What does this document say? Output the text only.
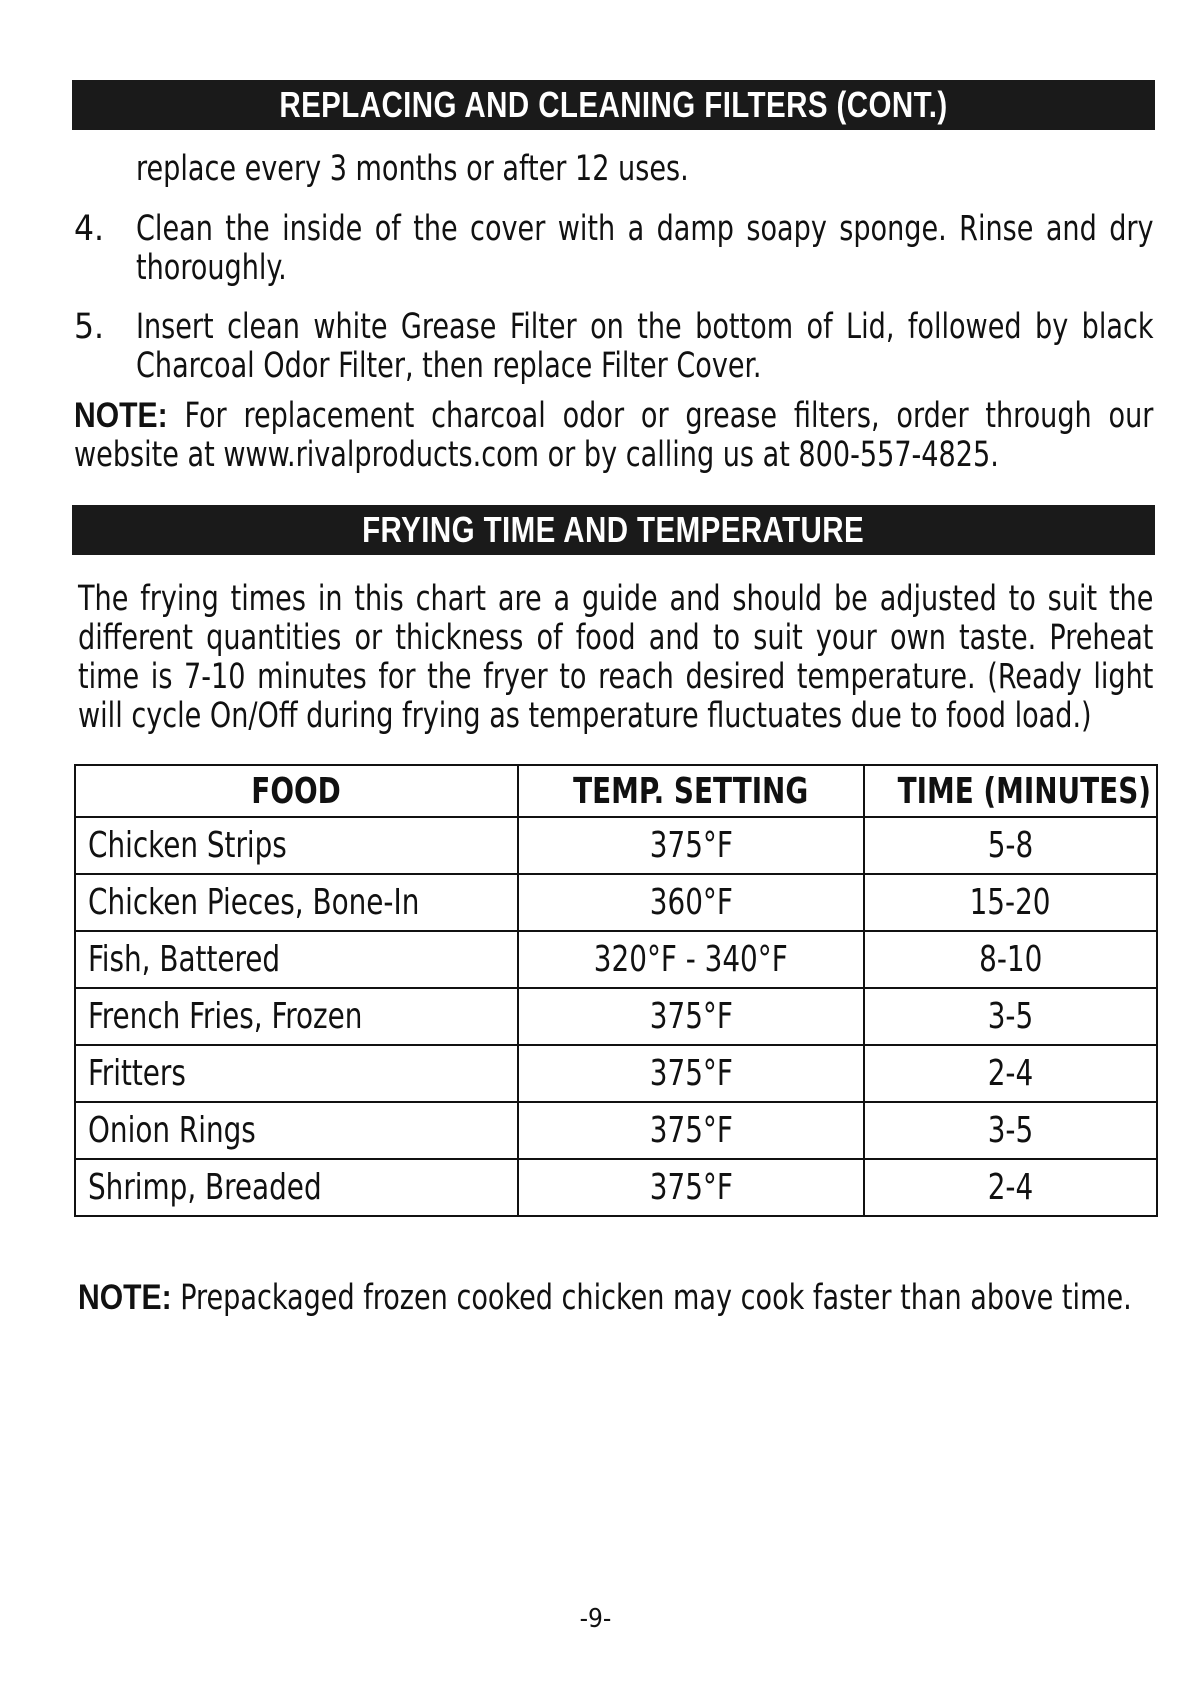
REPLACING AND CLEANING FILTERS (CONT.)
replace every 3 months or after 12 uses.
4. Clean the inside of the cover with a damp soapy sponge. Rinse and dry thoroughly.
5. Insert clean white Grease Filter on the bottom of Lid, followed by black Charcoal Odor Filter, then replace Filter Cover.
NOTE: For replacement charcoal odor or grease filters, order through our website at www.rivalproducts.com or by calling us at 800-557-4825.
FRYING TIME AND TEMPERATURE
The frying times in this chart are a guide and should be adjusted to suit the different quantities or thickness of food and to suit your own taste. Preheat time is 7-10 minutes for the fryer to reach desired temperature. (Ready light will cycle On/Off during frying as temperature fluctuates due to food load.)
FOOD	TEMP. SETTING	TIME (MINUTES)
Chicken Strips	375°F	5-8
Chicken Pieces, Bone-In	360°F	15-20
Fish, Battered	320°F - 340°F	8-10
French Fries, Frozen	375°F	3-5
Fritters	375°F	2-4
Onion Rings	375°F	3-5
Shrimp, Breaded	375°F	2-4
NOTE: Prepackaged frozen cooked chicken may cook faster than above time.
-9-
